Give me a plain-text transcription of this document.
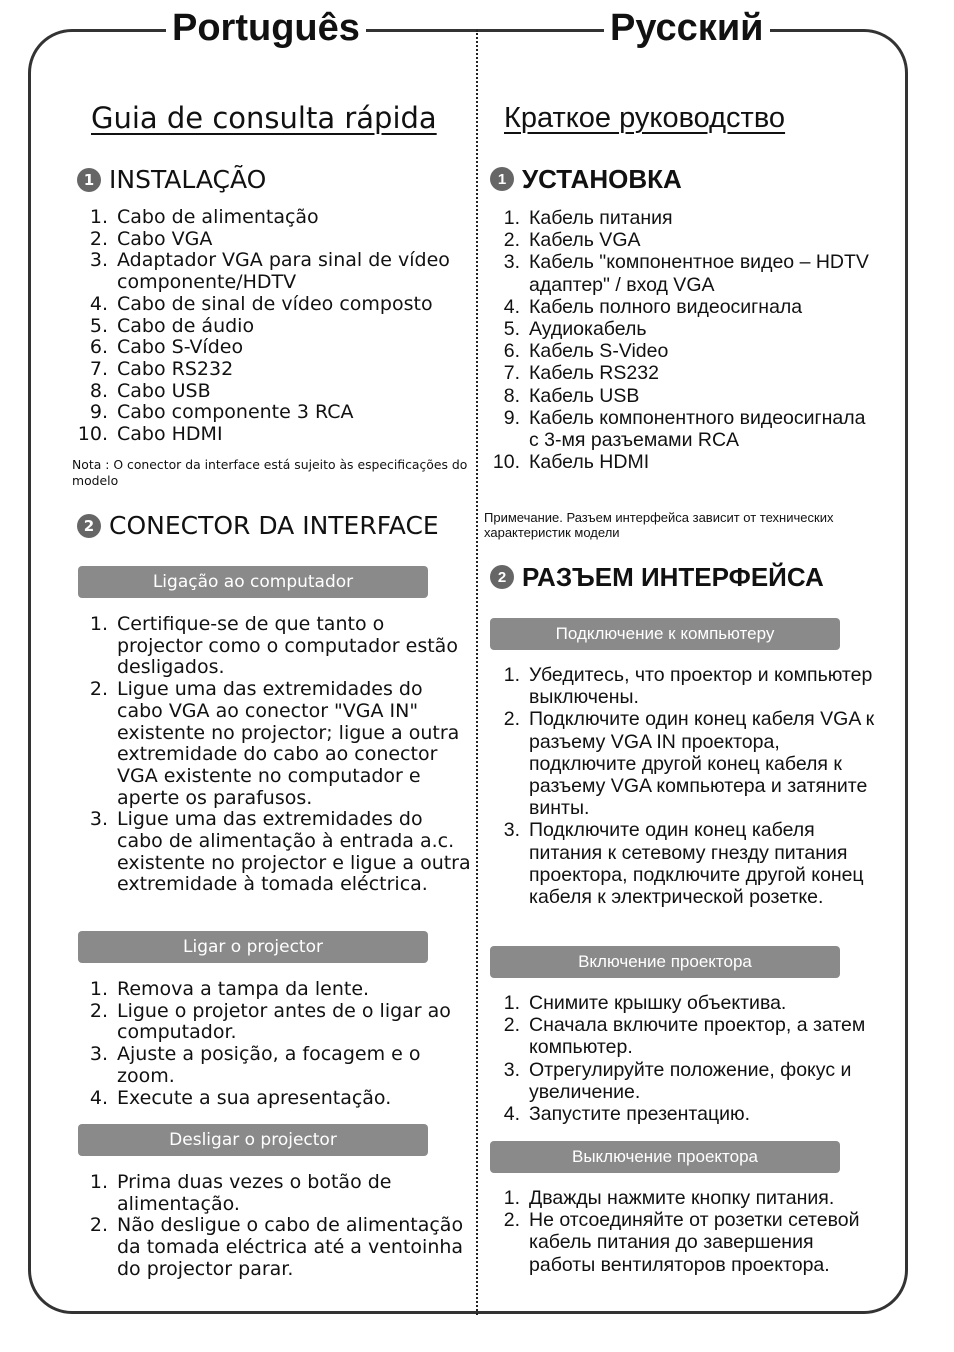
Português	Русский
Guia de consulta rápida
1 INSTALAÇÃO
1. Cabo de alimentação
2. Cabo VGA
3. Adaptador VGA para sinal de vídeo componente/HDTV
4. Cabo de sinal de vídeo composto
5. Cabo de áudio
6. Cabo S-Vídeo
7. Cabo RS232
8. Cabo USB
9. Cabo componente 3 RCA
10. Cabo HDMI
Nota : O conector da interface está sujeito às especificações do modelo
2 CONECTOR DA INTERFACE
Ligação ao computador
1. Certifique-se de que tanto o projector como o computador estão desligados.
2. Ligue uma das extremidades do cabo VGA ao conector "VGA IN" existente no projector; ligue a outra extremidade do cabo ao conector VGA existente no computador e aperte os parafusos.
3. Ligue uma das extremidades do cabo de alimentação à entrada a.c. existente no projector e ligue a outra extremidade à tomada eléctrica.
Ligar o projector
1. Remova a tampa da lente.
2. Ligue o projetor antes de o ligar ao computador.
3. Ajuste a posição, a focagem e o zoom.
4. Execute a sua apresentação.
Desligar o projector
1. Prima duas vezes o botão de alimentação.
2. Não desligue o cabo de alimentação da tomada eléctrica até a ventoinha do projector parar.
Краткое руководство
1 УСТАНОВКА
1. Кабель питания
2. Кабель VGA
3. Кабель "компонентное видео – HDTV адаптер" / вход VGA
4. Кабель полного видеосигнала
5. Аудиокабель
6. Кабель S-Video
7. Кабель RS232
8. Кабель USB
9. Кабель компонентного видеосигнала с 3-мя разъемами RCA
10. Кабель HDMI
Примечание. Разъем интерфейса зависит от технических характеристик модели
2 РАЗЪЕМ ИНТЕРФЕЙСА
Подключение к компьютеру
1. Убедитесь, что проектор и компьютер выключены.
2. Подключите один конец кабеля VGA к разъему VGA IN проектора, подключите другой конец кабеля к разъему VGA компьютера и затяните винты.
3. Подключите один конец кабеля питания к сетевому гнезду питания проектора, подключите другой конец кабеля к электрической розетке.
Включение проектора
1. Снимите крышку объектива.
2. Сначала включите проектор, а затем компьютер.
3. Отрегулируйте положение, фокус и увеличение.
4. Запустите презентацию.
Выключение проектора
1. Дважды нажмите кнопку питания.
2. Не отсоединяйте от розетки сетевой кабель питания до завершения работы вентиляторов проектора.
